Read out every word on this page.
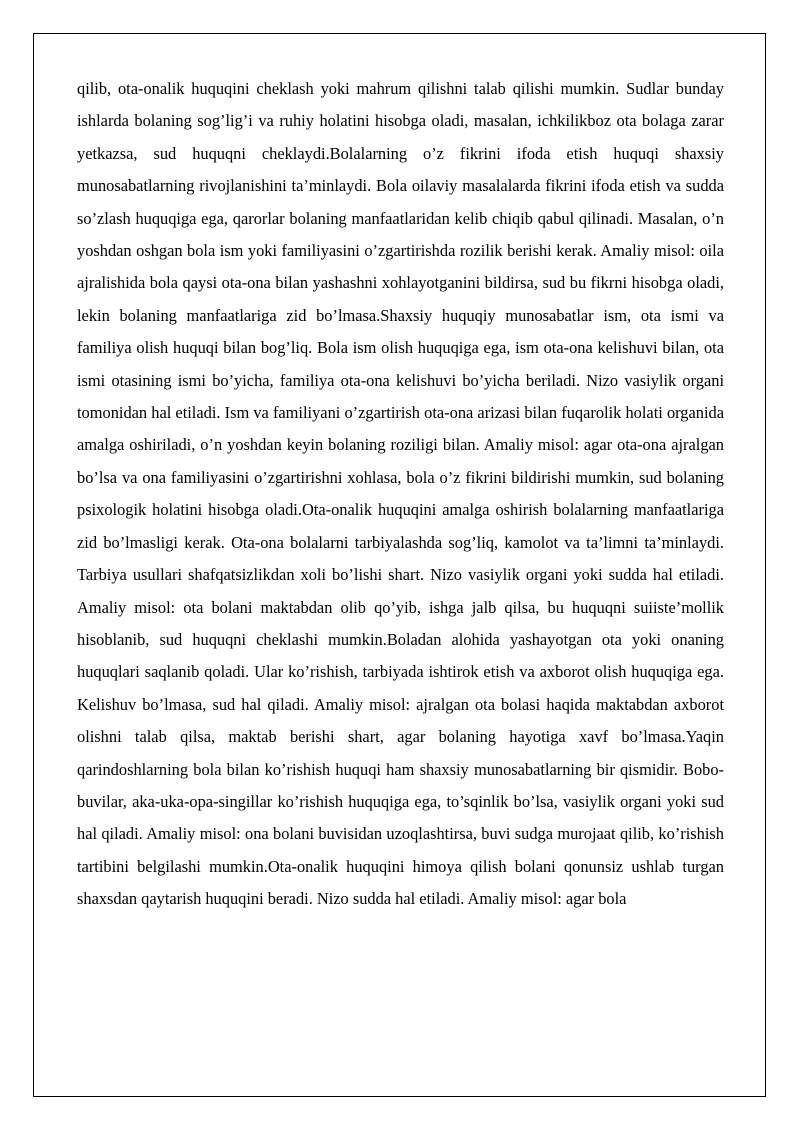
qilib, ota-onalik huquqini cheklash yoki mahrum qilishni talab qilishi mumkin. Sudlar bunday ishlarda bolaning sog’lig’i va ruhiy holatini hisobga oladi, masalan, ichkilikboz ota bolaga zarar yetkazsa, sud huquqni cheklaydi.Bolalarning o’z fikrini ifoda etish huquqi shaxsiy munosabatlarning rivojlanishini ta’minlaydi. Bola oilaviy masalalarda fikrini ifoda etish va sudda so’zlash huquqiga ega, qarorlar bolaning manfaatlaridan kelib chiqib qabul qilinadi. Masalan, o’n yoshdan oshgan bola ism yoki familiyasini o’zgartirishda rozilik berishi kerak. Amaliy misol: oila ajralishida bola qaysi ota-ona bilan yashashni xohlayotganini bildirsa, sud bu fikrni hisobga oladi, lekin bolaning manfaatlariga zid bo’lmasa.Shaxsiy huquqiy munosabatlar ism, ota ismi va familiya olish huquqi bilan bog’liq. Bola ism olish huquqiga ega, ism ota-ona kelishuvi bilan, ota ismi otasining ismi bo’yicha, familiya ota-ona kelishuvi bo’yicha beriladi. Nizo vasiylik organi tomonidan hal etiladi. Ism va familiyani o’zgartirish ota-ona arizasi bilan fuqarolik holati organida amalga oshiriladi, o’n yoshdan keyin bolaning roziligi bilan. Amaliy misol: agar ota-ona ajralgan bo’lsa va ona familiyasini o’zgartirishni xohlasa, bola o’z fikrini bildirishi mumkin, sud bolaning psixologik holatini hisobga oladi.Ota-onalik huquqini amalga oshirish bolalarning manfaatlariga zid bo’lmasligi kerak. Ota-ona bolalarni tarbiyalashda sog’liq, kamolot va ta’limni ta’minlaydi. Tarbiya usullari shafqatsizlikdan xoli bo’lishi shart. Nizo vasiylik organi yoki sudda hal etiladi. Amaliy misol: ota bolani maktabdan olib qo’yib, ishga jalb qilsa, bu huquqni suiiste’mollik hisoblanib, sud huquqni cheklashi mumkin.Boladan alohida yashayotgan ota yoki onaning huquqlari saqlanib qoladi. Ular ko’rishish, tarbiyada ishtirok etish va axborot olish huquqiga ega. Kelishuv bo’lmasa, sud hal qiladi. Amaliy misol: ajralgan ota bolasi haqida maktabdan axborot olishni talab qilsa, maktab berishi shart, agar bolaning hayotiga xavf bo’lmasa.Yaqin qarindoshlarning bola bilan ko’rishish huquqi ham shaxsiy munosabatlarning bir qismidir. Bobo-buvilar, aka-uka-opa-singillar ko’rishish huquqiga ega, to’sqinlik bo’lsa, vasiylik organi yoki sud hal qiladi. Amaliy misol: ona bolani buvisidan uzoqlashtirsa, buvi sudga murojaat qilib, ko’rishish tartibini belgilashi mumkin.Ota-onalik huquqini himoya qilish bolani qonunsiz ushlab turgan shaxsdan qaytarish huquqini beradi. Nizo sudda hal etiladi. Amaliy misol: agar bola
